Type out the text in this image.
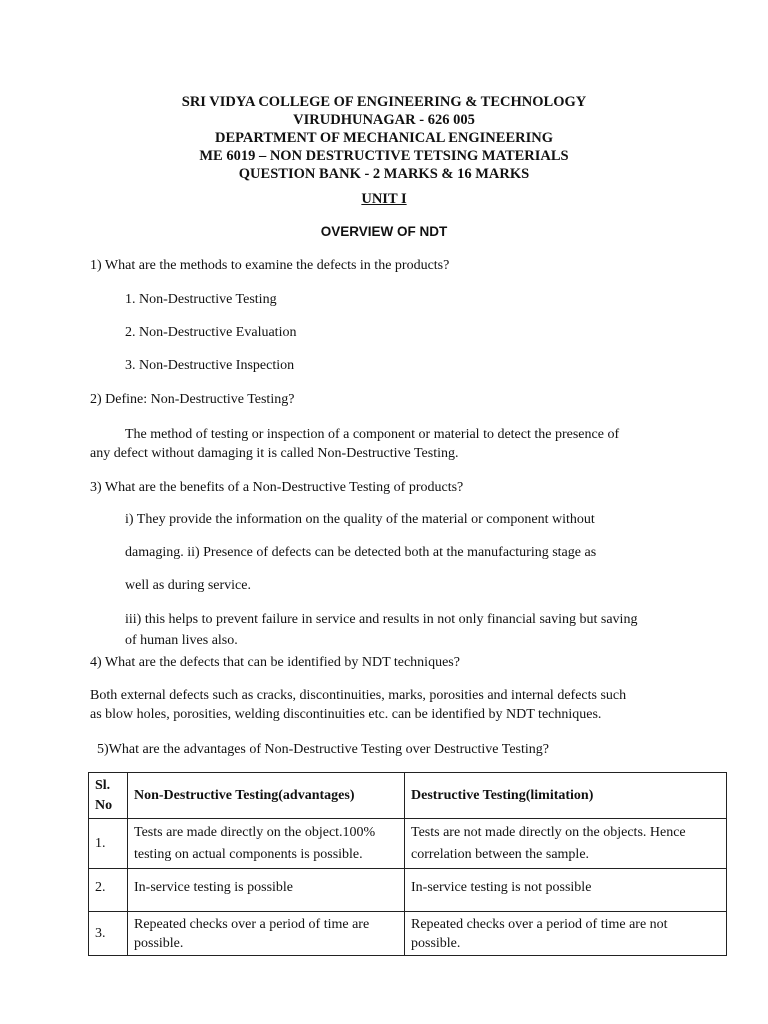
SRI VIDYA COLLEGE OF ENGINEERING & TECHNOLOGY
VIRUDHUNAGAR - 626 005
DEPARTMENT OF MECHANICAL ENGINEERING
ME 6019 – NON DESTRUCTIVE TETSING MATERIALS
QUESTION BANK - 2 MARKS & 16 MARKS
UNIT I
OVERVIEW OF NDT
1) What are the methods to examine the defects in the products?
1. Non-Destructive Testing
2. Non-Destructive Evaluation
3. Non-Destructive Inspection
2) Define: Non-Destructive Testing?
The method of testing or inspection of a component or material to detect the presence of
any defect without damaging it is called Non-Destructive Testing.
3) What are the benefits of a Non-Destructive Testing of products?
i) They provide the information on the quality of the material or component without
damaging. ii) Presence of defects can be detected both at the manufacturing stage as
well as during service.
iii) this helps to prevent failure in service and results in not only financial saving but saving
of human lives also.
4) What are the defects that can be identified by NDT techniques?
Both external defects such as cracks, discontinuities, marks, porosities and internal defects such
as blow holes, porosities, welding discontinuities etc. can be identified by NDT techniques.
5)What are the advantages of Non-Destructive Testing over Destructive Testing?
Sl. No	Non-Destructive Testing(advantages)	Destructive Testing(limitation)
1.	Tests are made directly on the object.100% testing on actual components is possible.	Tests are not made directly on the objects. Hence correlation between the sample.
2.	In-service testing is possible	In-service testing is not possible
3.	Repeated checks over a period of time are possible.	Repeated checks over a period of time are not possible.
